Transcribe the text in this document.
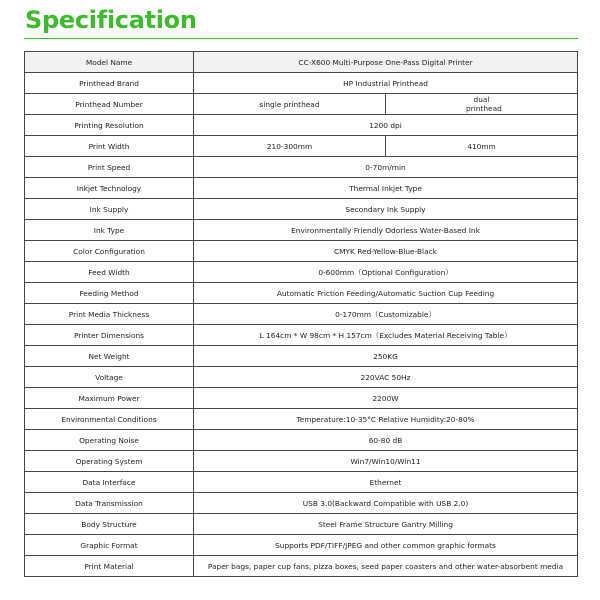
Specification
Model Name	CC-X600 Multi-Purpose One-Pass Digital Printer	
Printhead Brand	HP Industrial Printhead	
Printhead Number	single printhead	dual printhead
Printing Resolution	1200 dpi	
Print Width	210-300mm	410mm
Print Speed	0-70m/min	
Inkjet Technology	Thermal Inkjet Type	
Ink Supply	Secondary Ink Supply	
Ink Type	Environmentally Friendly Odorless Water-Based Ink	
Color Configuration	CMYK Red-Yellow-Blue-Black	
Feed Width	0-600mm（Optional Configuration）	
Feeding Method	Automatic Friction Feeding/Automatic Suction Cup Feeding	
Print Media Thickness	0-170mm（Customizable）	
Printer Dimensions	L 164cm * W 98cm * H 157cm（Excludes Material Receiving Table）	
Net Weight	250KG	
Voltage	220VAC 50Hz	
Maximum Power	2200W	
Environmental Conditions	Temperature:10-35°C Relative Humidity:20-80%	
Operating Noise	60-80 dB	
Operating System	Win7/Win10/Win11	
Data Interface	Ethernet	
Data Transmission	USB 3.0(Backward Compatible with USB 2.0)	
Body Structure	Steel Frame Structure Gantry Milling	
Graphic Format	Supports PDF/TIFF/JPEG and other common graphic formats	
Print Material	Paper bags, paper cup fans, pizza boxes, seed paper coasters and other water-absorbent media	
